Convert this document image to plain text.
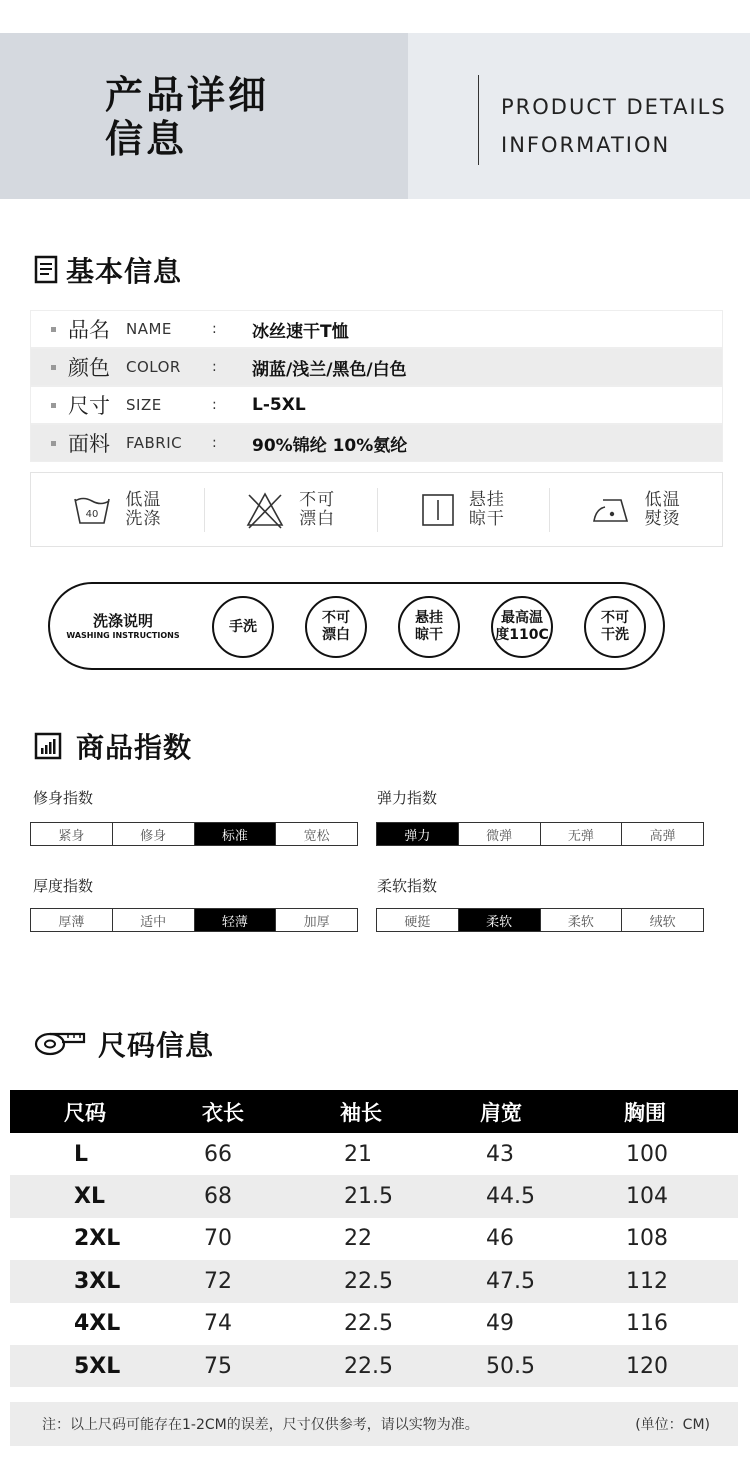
产品详细
信息
PRODUCT DETAILS
INFORMATION
基本信息
品名	NAME	:	冰丝速干T恤
颜色	COLOR	:	湖蓝/浅兰/黑色/白色
尺寸	SIZE	:	L-5XL
面料	FABRIC	:	90%锦纶 10%氨纶
40
低温
洗涤
不可
漂白
悬挂
晾干
低温
熨烫
洗涤说明
WASHING INSTRUCTIONS
手洗
不可
漂白
悬挂
晾干
最高温
度110C
不可
干洗
商品指数
修身指数
紧身	修身	标准	宽松
弹力指数
弹力	微弹	无弹	高弹
厚度指数
厚薄	适中	轻薄	加厚
柔软指数
硬挺	柔软	柔软	绒软
尺码信息
尺码	衣长	袖长	肩宽	胸围
L	66	21	43	100
XL	68	21.5	44.5	104
2XL	70	22	46	108
3XL	72	22.5	47.5	112
4XL	74	22.5	49	116
5XL	75	22.5	50.5	120
注：以上尺码可能存在1-2CM的误差，尺寸仅供参考，请以实物为准。	(单位：CM)
